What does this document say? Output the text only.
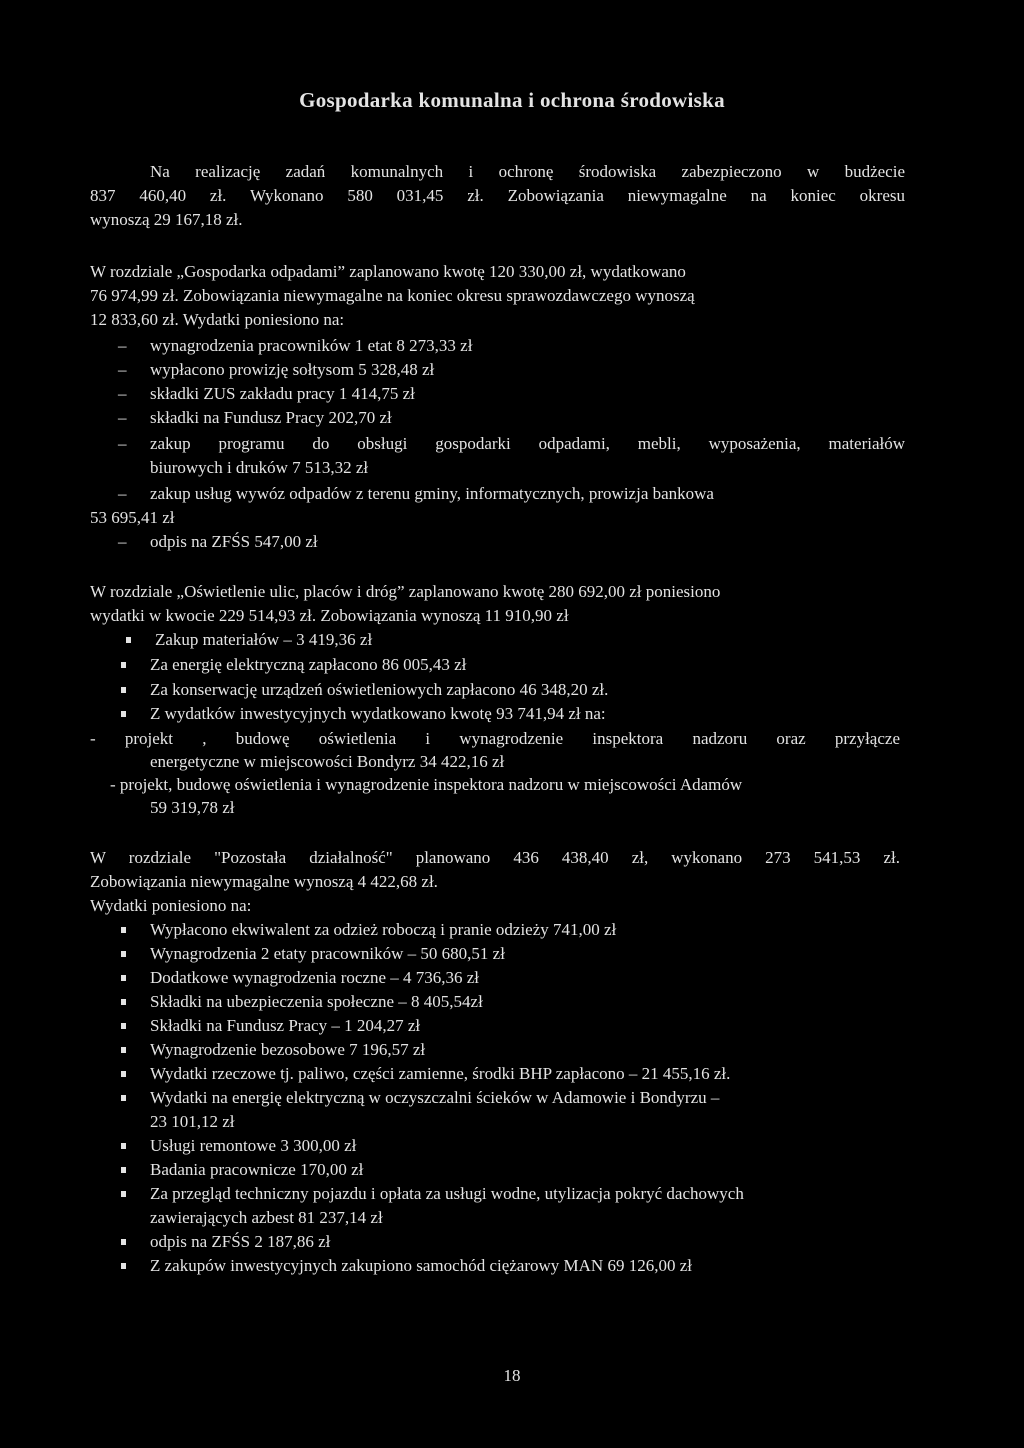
Gospodarka komunalna i ochrona środowiska
Na realizację zadań komunalnych i ochronę środowiska zabezpieczono w budżecie
837 460,40 zł. Wykonano 580 031,45 zł. Zobowiązania niewymagalne na koniec okresu
wynoszą 29 167,18 zł.
W rozdziale „Gospodarka odpadami” zaplanowano kwotę 120 330,00 zł, wydatkowano
76 974,99 zł. Zobowiązania niewymagalne na koniec okresu sprawozdawczego wynoszą
12 833,60 zł. Wydatki poniesiono na:
– wynagrodzenia pracowników 1 etat 8 273,33 zł
– wypłacono prowizję sołtysom 5 328,48 zł
– składki ZUS zakładu pracy 1 414,75 zł
– składki na Fundusz Pracy 202,70 zł
– zakup programu do obsługi gospodarki odpadami, mebli, wyposażenia, materiałów
biurowych i druków 7 513,32 zł
– zakup usług wywóz odpadów z terenu gminy, informatycznych, prowizja bankowa
53 695,41 zł
– odpis na ZFŚS 547,00 zł
W rozdziale „Oświetlenie ulic, placów i dróg” zaplanowano kwotę 280 692,00 zł poniesiono
wydatki w kwocie 229 514,93 zł. Zobowiązania wynoszą 11 910,90 zł
Zakup materiałów – 3 419,36 zł
Za energię elektryczną zapłacono 86 005,43 zł
Za konserwację urządzeń oświetleniowych zapłacono 46 348,20 zł.
Z wydatków inwestycyjnych wydatkowano kwotę 93 741,94 zł na:
- projekt , budowę oświetlenia i wynagrodzenie inspektora nadzoru oraz przyłącze
energetyczne w miejscowości Bondyrz 34 422,16 zł
- projekt, budowę oświetlenia i wynagrodzenie inspektora nadzoru w miejscowości Adamów
59 319,78 zł
W rozdziale "Pozostała działalność" planowano 436 438,40 zł, wykonano 273 541,53 zł.
Zobowiązania niewymagalne wynoszą 4 422,68 zł.
Wydatki poniesiono na:
Wypłacono ekwiwalent za odzież roboczą i pranie odzieży 741,00 zł
Wynagrodzenia 2 etaty pracowników – 50 680,51 zł
Dodatkowe wynagrodzenia roczne – 4 736,36 zł
Składki na ubezpieczenia społeczne – 8 405,54zł
Składki na Fundusz Pracy – 1 204,27 zł
Wynagrodzenie bezosobowe 7 196,57 zł
Wydatki rzeczowe tj. paliwo, części zamienne, środki BHP zapłacono – 21 455,16 zł.
Wydatki na energię elektryczną w oczyszczalni ścieków w Adamowie i Bondyrzu –
23 101,12 zł
Usługi remontowe 3 300,00 zł
Badania pracownicze 170,00 zł
Za przegląd techniczny pojazdu i opłata za usługi wodne, utylizacja pokryć dachowych
zawierających azbest 81 237,14 zł
odpis na ZFŚS 2 187,86 zł
Z zakupów inwestycyjnych zakupiono samochód ciężarowy MAN 69 126,00 zł
18
